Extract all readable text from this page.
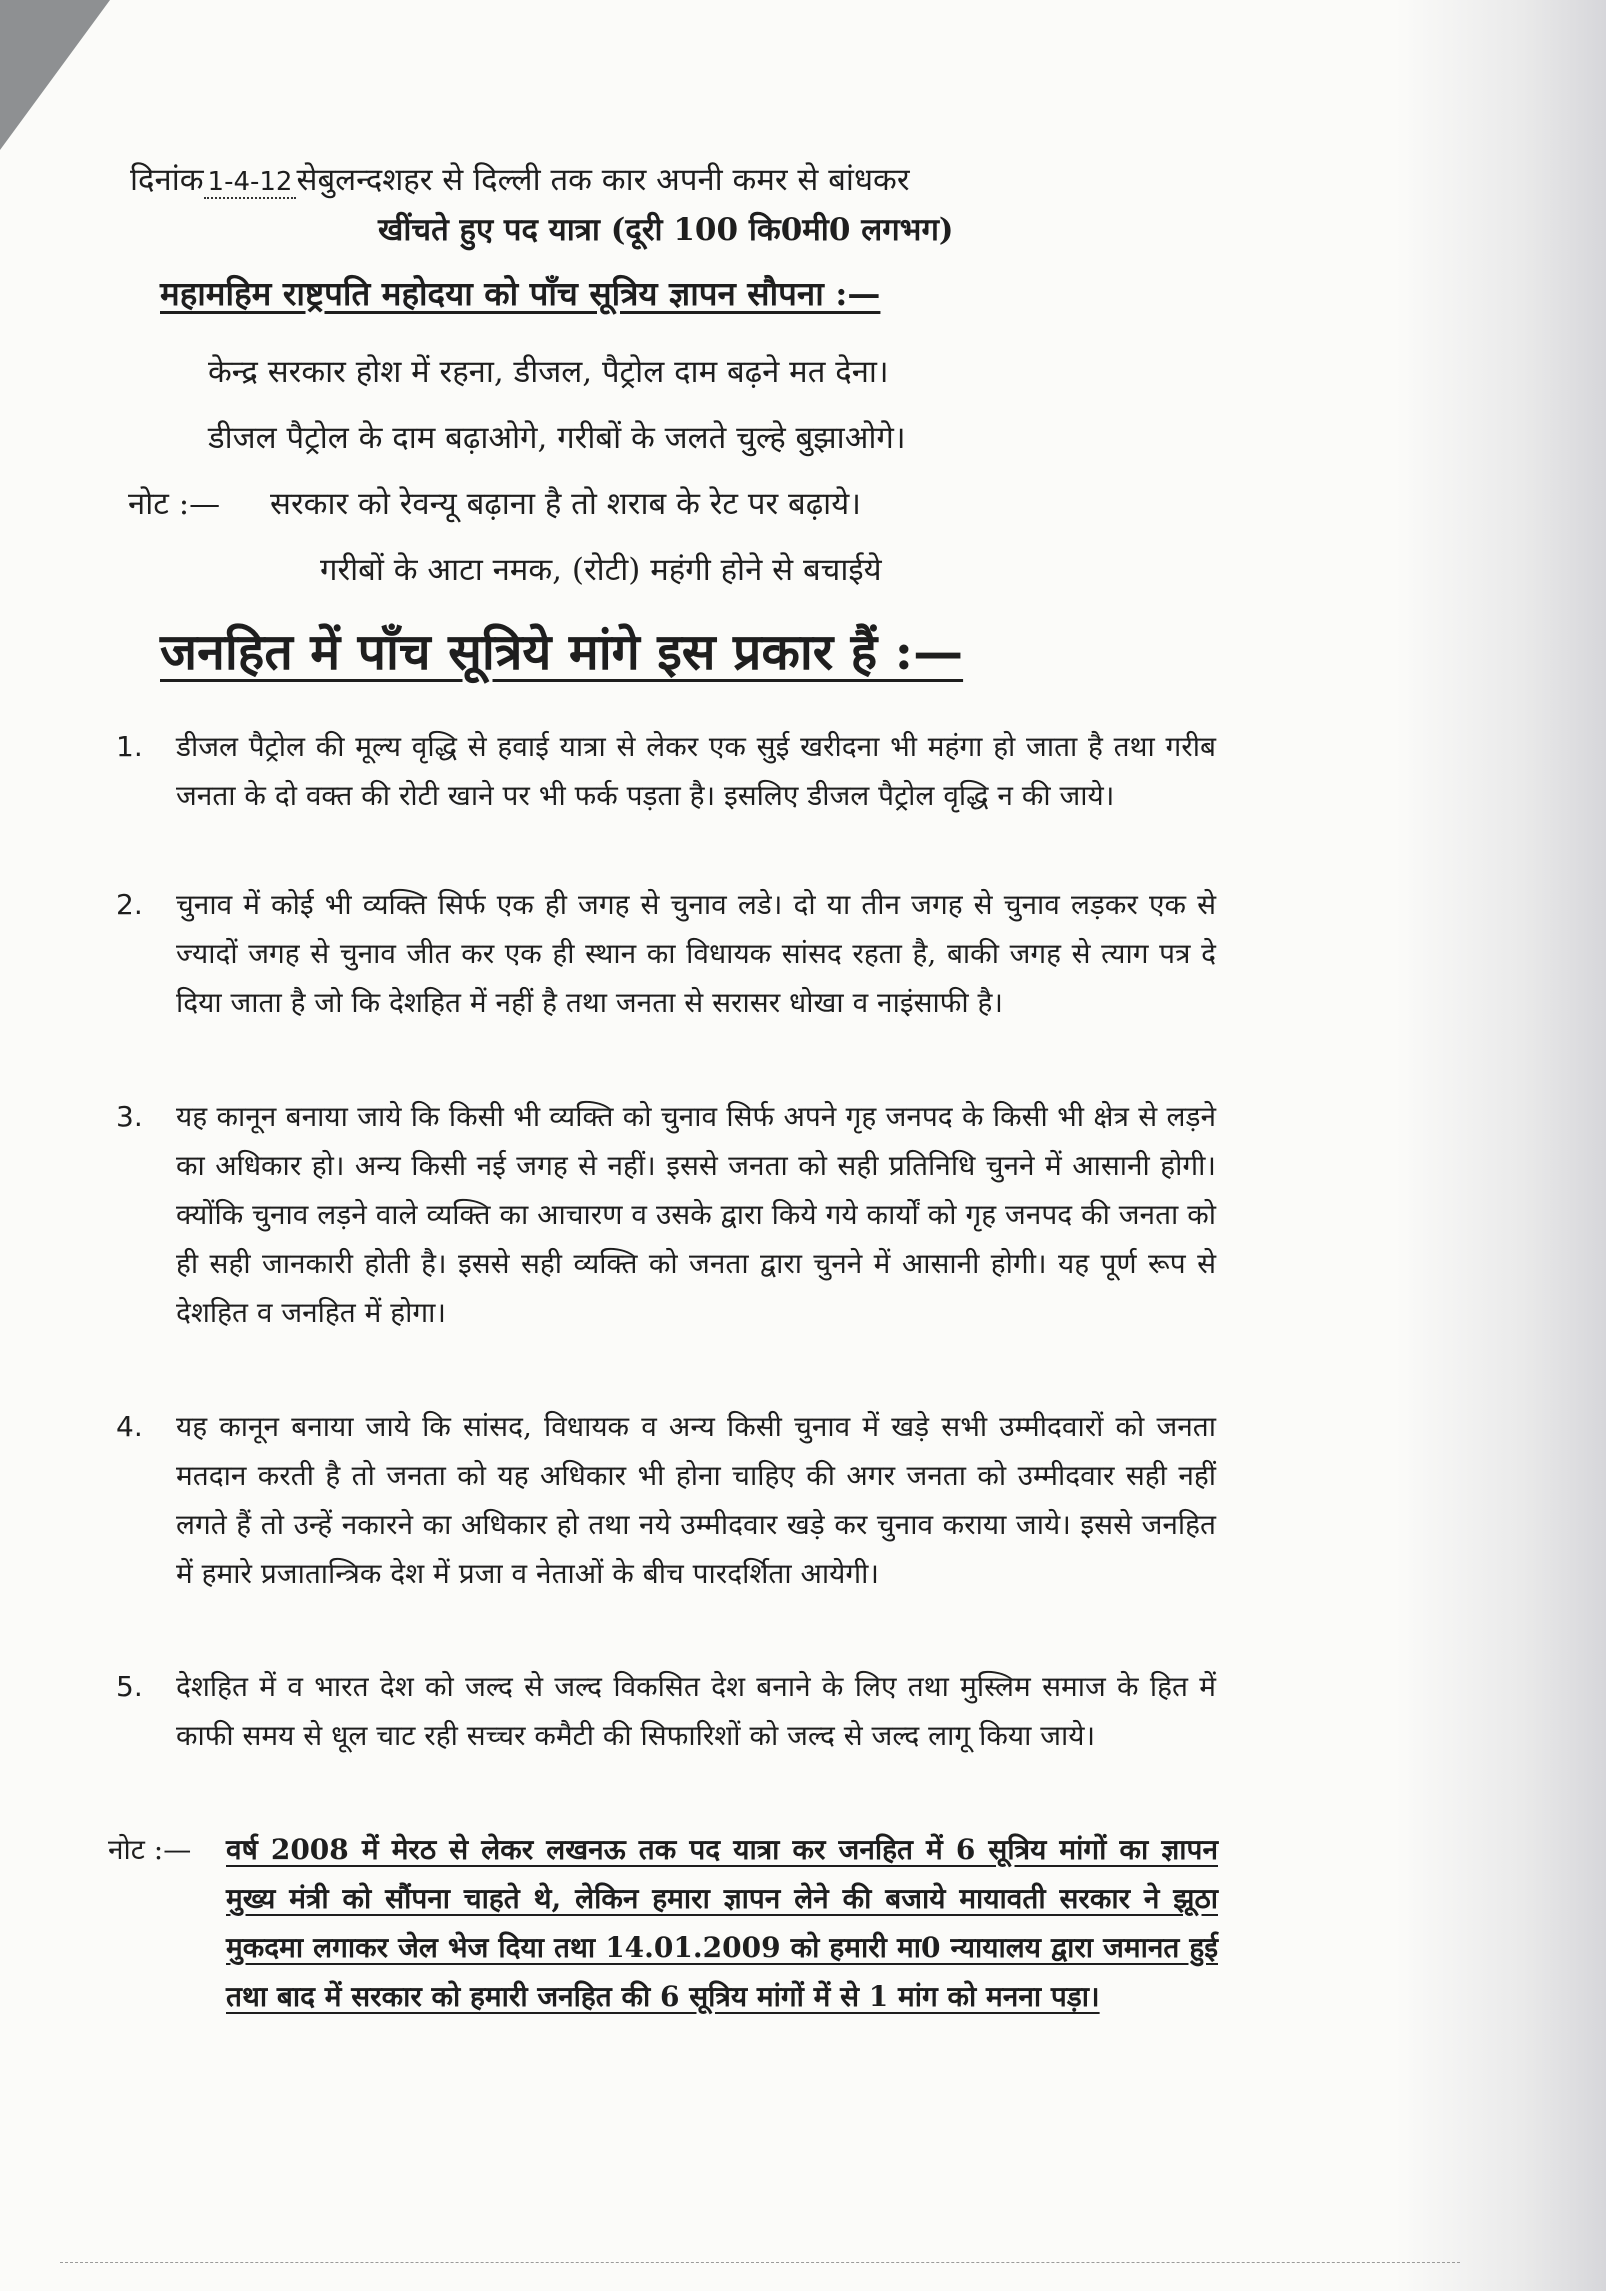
दिनांक 1-4-12 सेबुलन्दशहर से दिल्ली तक कार अपनी कमर से बांधकर
खींचते हुए पद यात्रा (दूरी 100 कि0मी0 लगभग)
महामहिम राष्ट्रपति महोदया को पाँच सूत्रिय ज्ञापन सौपना :—
केन्द्र सरकार होश में रहना, डीजल, पैट्रोल दाम बढ़ने मत देना।
डीजल पैट्रोल के दाम बढ़ाओगे, गरीबों के जलते चुल्हे बुझाओगे।
नोट :— सरकार को रेवन्यू बढ़ाना है तो शराब के रेट पर बढ़ाये।
गरीबों के आटा नमक, (रोटी) महंगी होने से बचाईये
जनहित में पाँच सूत्रिये मांगे इस प्रकार हैं :—
1.	डीजल पैट्रोल की मूल्य वृद्धि से हवाई यात्रा से लेकर एक सुई खरीदना भी महंगा हो जाता है तथा गरीब जनता के दो वक्त की रोटी खाने पर भी फर्क पड़ता है। इसलिए डीजल पैट्रोल वृद्धि न की जाये।
2.	चुनाव में कोई भी व्यक्ति सिर्फ एक ही जगह से चुनाव लडे। दो या तीन जगह से चुनाव लड़कर एक से ज्यादों जगह से चुनाव जीत कर एक ही स्थान का विधायक सांसद रहता है, बाकी जगह से त्याग पत्र दे दिया जाता है जो कि देशहित में नहीं है तथा जनता से सरासर धोखा व नाइंसाफी है।
3.	यह कानून बनाया जाये कि किसी भी व्यक्ति को चुनाव सिर्फ अपने गृह जनपद के किसी भी क्षेत्र से लड़ने का अधिकार हो। अन्य किसी नई जगह से नहीं। इससे जनता को सही प्रतिनिधि चुनने में आसानी होगी। क्योंकि चुनाव लड़ने वाले व्यक्ति का आचारण व उसके द्वारा किये गये कार्यों को गृह जनपद की जनता को ही सही जानकारी होती है। इससे सही व्यक्ति को जनता द्वारा चुनने में आसानी होगी। यह पूर्ण रूप से देशहित व जनहित में होगा।
4.	यह कानून बनाया जाये कि सांसद, विधायक व अन्य किसी चुनाव में खड़े सभी उम्मीदवारों को जनता मतदान करती है तो जनता को यह अधिकार भी होना चाहिए की अगर जनता को उम्मीदवार सही नहीं लगते हैं तो उन्हें नकारने का अधिकार हो तथा नये उम्मीदवार खड़े कर चुनाव कराया जाये। इससे जनहित में हमारे प्रजातान्त्रिक देश में प्रजा व नेताओं के बीच पारदर्शिता आयेगी।
5.	देशहित में व भारत देश को जल्द से जल्द विकसित देश बनाने के लिए तथा मुस्लिम समाज के हित में काफी समय से धूल चाट रही सच्चर कमैटी की सिफारिशों को जल्द से जल्द लागू किया जाये।
नोट :—	वर्ष 2008 में मेरठ से लेकर लखनऊ तक पद यात्रा कर जनहित में 6 सूत्रिय मांगों का ज्ञापन मुख्य मंत्री को सौंपना चाहते थे, लेकिन हमारा ज्ञापन लेने की बजाये मायावती सरकार ने झूठा मुकदमा लगाकर जेल भेज दिया तथा 14.01.2009 को हमारी मा0 न्यायालय द्वारा जमानत हुई तथा बाद में सरकार को हमारी जनहित की 6 सूत्रिय मांगों में से 1 मांग को मनना पड़ा।
